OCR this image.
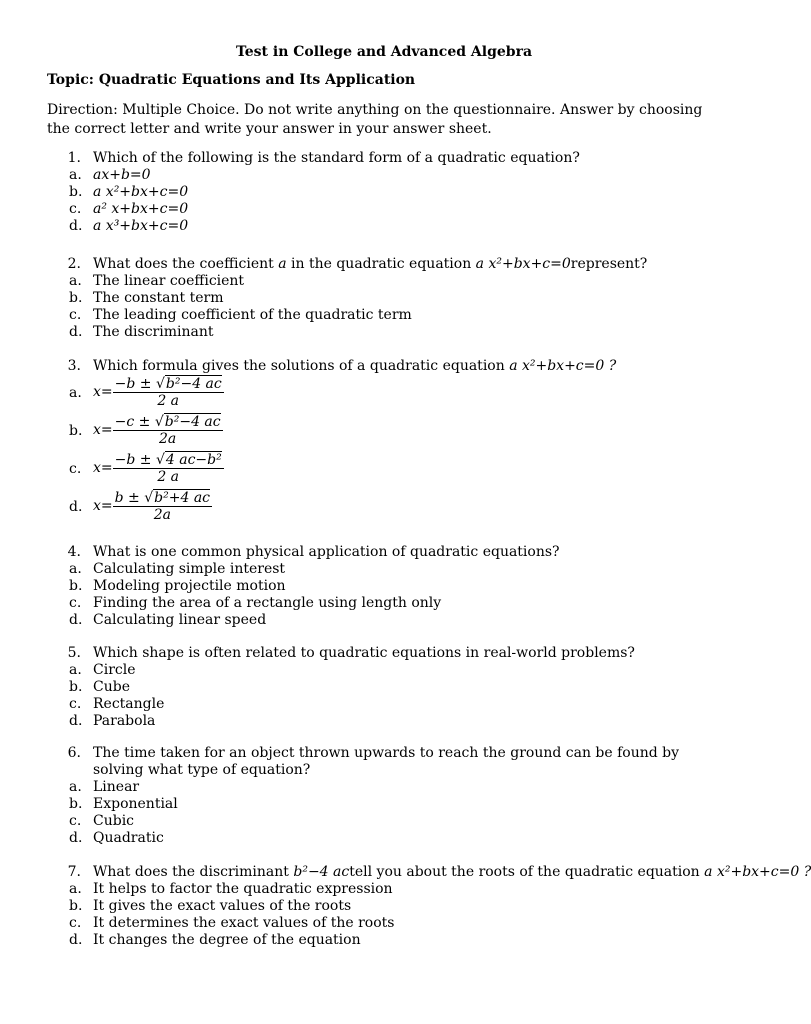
Test in College and Advanced Algebra
Topic: Quadratic Equations and Its Application
Direction: Multiple Choice. Do not write anything on the questionnaire. Answer by choosing the correct letter and write your answer in your answer sheet.
1. Which of the following is the standard form of a quadratic equation?
a. ax+b=0
b. a x²+bx+c=0
c. a² x+bx+c=0
d. a x³+bx+c=0
2. What does the coefficient a in the quadratic equation a x²+bx+c=0represent?
a. The linear coefficient
b. The constant term
c. The leading coefficient of the quadratic term
d. The discriminant
3. Which formula gives the solutions of a quadratic equation a x²+bx+c=0 ?
a. $x= \frac{\text{−b ± √b²−4 ac}}{2 a}$
b. $x= \frac{\text{−c ± √b²−4 ac}}{2a}$
c. $x= \frac{\text{−b ± √4 ac−b²}}{2 a}$
d. $x= \frac{\text{b ± √b²+4 ac}}{2a}$
4. What is one common physical application of quadratic equations?
a. Calculating simple interest
b. Modeling projectile motion
c. Finding the area of a rectangle using length only
d. Calculating linear speed
5. Which shape is often related to quadratic equations in real-world problems?
a. Circle
b. Cube
c. Rectangle
d. Parabola
6. The time taken for an object thrown upwards to reach the ground can be found by solving what type of equation?
a. Linear
b. Exponential
c. Cubic
d. Quadratic
7. What does the discriminant b²−4 actell you about the roots of the quadratic equation a x²+bx+c=0 ?
a. It helps to factor the quadratic expression
b. It gives the exact values of the roots
c. It determines the exact values of the roots
d. It changes the degree of the equation
